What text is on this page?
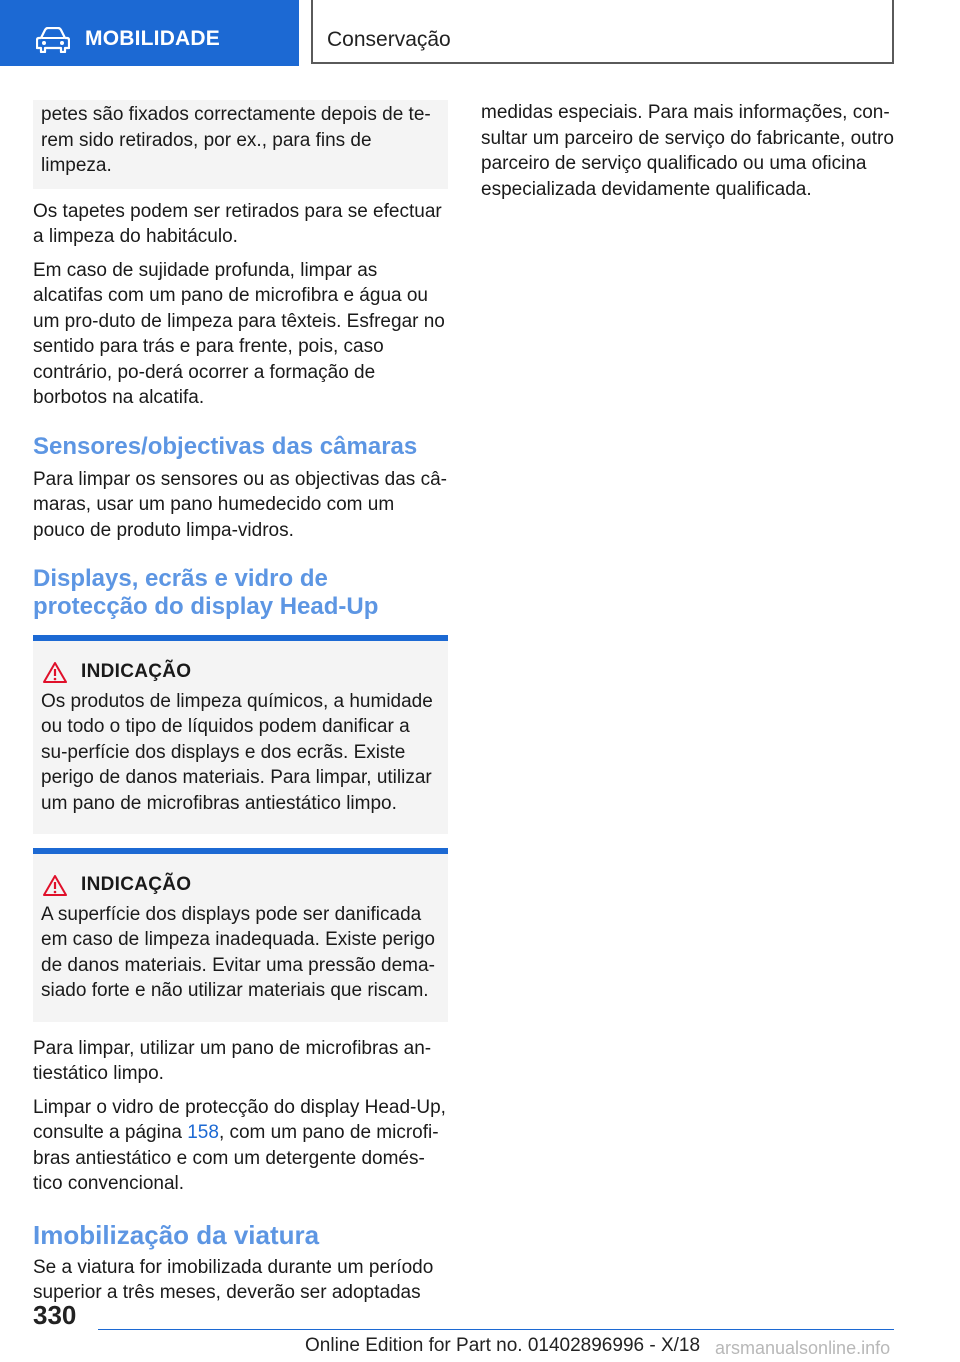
MOBILIDADE	Conservação
petes são fixados correctamente depois de te-rem sido retirados, por ex., para fins de limpeza.

Os tapetes podem ser retirados para se efectuar a limpeza do habitáculo.

Em caso de sujidade profunda, limpar as alcatifas com um pano de microfibra e água ou um pro-duto de limpeza para têxteis. Esfregar no sentido para trás e para frente, pois, caso contrário, po-derá ocorrer a formação de borbotos na alcatifa.

Sensores/objectivas das câmaras

Para limpar os sensores ou as objectivas das câ-maras, usar um pano humedecido com um pouco de produto limpa-vidros.

Displays, ecrãs e vidro de protecção do display Head-Up
INDICAÇÃO
Os produtos de limpeza químicos, a humidade ou todo o tipo de líquidos podem danificar a su-perfície dos displays e dos ecrãs. Existe perigo de danos materiais. Para limpar, utilizar um pano de microfibras antiestático limpo.
INDICAÇÃO
A superfície dos displays pode ser danificada em caso de limpeza inadequada. Existe perigo de danos materiais. Evitar uma pressão dema-siado forte e não utilizar materiais que riscam.

Para limpar, utilizar um pano de microfibras an-tiestático limpo.

Limpar o vidro de protecção do display Head-Up, consulte a página 158, com um pano de microfi-bras antiestático e com um detergente domés-tico convencional.

Imobilização da viatura

Se a viatura for imobilizada durante um período superior a três meses, deverão ser adoptadas

medidas especiais. Para mais informações, con-sultar um parceiro de serviço do fabricante, outro parceiro de serviço qualificado ou uma oficina especializada devidamente qualificada.

330
Online Edition for Part no. 01402896996 - X/18 arsmanualsonline.info
